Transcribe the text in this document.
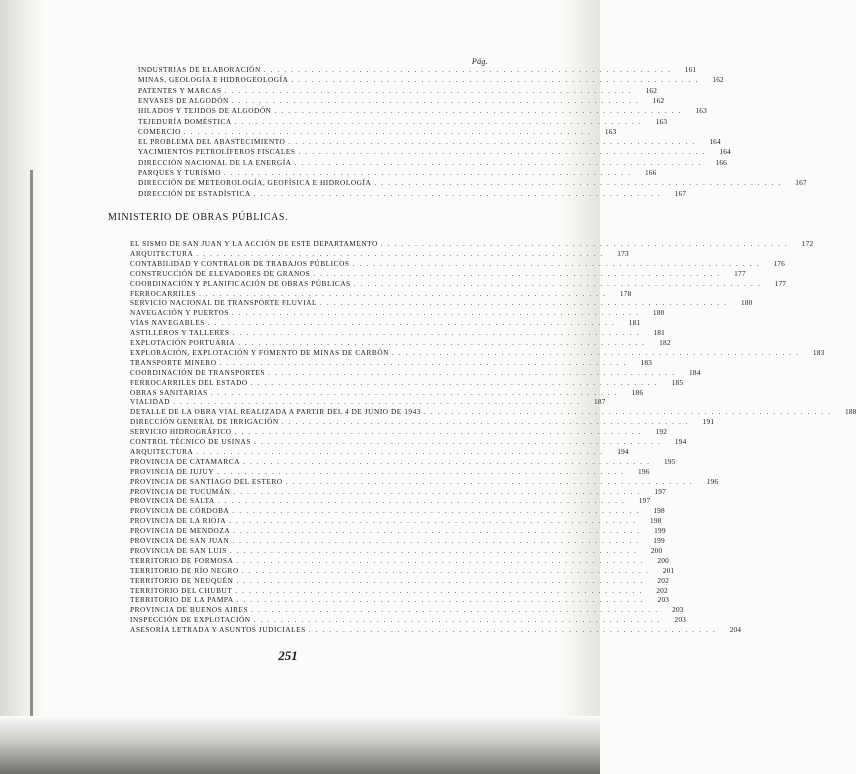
Pág.
INDUSTRIAS DE ELABORACIÓN . . . . . . . . . . . . . . . . . . . . . . . . . . . . . . . . . . . . . . . . . . . . . . . . . . . . . . . . . . . .	161
MINAS, GEOLOGÍA E HIDROGEOLOGÍA . . . . . . . . . . . . . . . . . . . . . . . . . . . . . . . . . . . . . . . . . . . . . . . . . . . . . . . . . . . .	162
PATENTES Y MARCAS . . . . . . . . . . . . . . . . . . . . . . . . . . . . . . . . . . . . . . . . . . . . . . . . . . . . . . . . . . . .	162
ENVASES DE ALGODÓN . . . . . . . . . . . . . . . . . . . . . . . . . . . . . . . . . . . . . . . . . . . . . . . . . . . . . . . . . . . .	162
HILADOS Y TEJIDOS DE ALGODÓN . . . . . . . . . . . . . . . . . . . . . . . . . . . . . . . . . . . . . . . . . . . . . . . . . . . . . . . . . . . .	163
TEJEDURÍA DOMÉSTICA . . . . . . . . . . . . . . . . . . . . . . . . . . . . . . . . . . . . . . . . . . . . . . . . . . . . . . . . . . . .	163
COMERCIO . . . . . . . . . . . . . . . . . . . . . . . . . . . . . . . . . . . . . . . . . . . . . . . . . . . . . . . . . . . .	163
EL PROBLEMA DEL ABASTECIMIENTO . . . . . . . . . . . . . . . . . . . . . . . . . . . . . . . . . . . . . . . . . . . . . . . . . . . . . . . . . . . .	164
YACIMIENTOS PETROLÍFEROS FISCALES . . . . . . . . . . . . . . . . . . . . . . . . . . . . . . . . . . . . . . . . . . . . . . . . . . . . . . . . . . . .	164
DIRECCIÓN NACIONAL DE LA ENERGÍA . . . . . . . . . . . . . . . . . . . . . . . . . . . . . . . . . . . . . . . . . . . . . . . . . . . . . . . . . . . .	166
PARQUES Y TURISMO . . . . . . . . . . . . . . . . . . . . . . . . . . . . . . . . . . . . . . . . . . . . . . . . . . . . . . . . . . . .	166
DIRECCIÓN DE METEOROLOGÍA, GEOFÍSICA E HIDROLOGÍA . . . . . . . . . . . . . . . . . . . . . . . . . . . . . . . . . . . . . . . . . . . . . . . . . . . . . . . . . . . .	167
DIRECCIÓN DE ESTADÍSTICA . . . . . . . . . . . . . . . . . . . . . . . . . . . . . . . . . . . . . . . . . . . . . . . . . . . . . . . . . . . .	167
MINISTERIO DE OBRAS PÚBLICAS.
EL SISMO DE SAN JUAN Y LA ACCIÓN DE ESTE DEPARTAMENTO . . . . . . . . . . . . . . . . . . . . . . . . . . . . . . . . . . . . . . . . . . . . . . . . . . . . . . . . . . . .	172
ARQUITECTURA . . . . . . . . . . . . . . . . . . . . . . . . . . . . . . . . . . . . . . . . . . . . . . . . . . . . . . . . . . . .	173
CONTABILIDAD Y CONTRALOR DE TRABAJOS PÚBLICOS . . . . . . . . . . . . . . . . . . . . . . . . . . . . . . . . . . . . . . . . . . . . . . . . . . . . . . . . . . . .	176
CONSTRUCCIÓN DE ELEVADORES DE GRANOS . . . . . . . . . . . . . . . . . . . . . . . . . . . . . . . . . . . . . . . . . . . . . . . . . . . . . . . . . . . .	177
COORDINACIÓN Y PLANIFICACIÓN DE OBRAS PÚBLICAS . . . . . . . . . . . . . . . . . . . . . . . . . . . . . . . . . . . . . . . . . . . . . . . . . . . . . . . . . . . .	177
FERROCARRILES . . . . . . . . . . . . . . . . . . . . . . . . . . . . . . . . . . . . . . . . . . . . . . . . . . . . . . . . . . . .	178
SERVICIO NACIONAL DE TRANSPORTE FLUVIAL . . . . . . . . . . . . . . . . . . . . . . . . . . . . . . . . . . . . . . . . . . . . . . . . . . . . . . . . . . . .	180
NAVEGACIÓN Y PUERTOS . . . . . . . . . . . . . . . . . . . . . . . . . . . . . . . . . . . . . . . . . . . . . . . . . . . . . . . . . . . .	180
VÍAS NAVEGABLES . . . . . . . . . . . . . . . . . . . . . . . . . . . . . . . . . . . . . . . . . . . . . . . . . . . . . . . . . . . .	181
ASTILLEROS Y TALLERES . . . . . . . . . . . . . . . . . . . . . . . . . . . . . . . . . . . . . . . . . . . . . . . . . . . . . . . . . . . .	181
EXPLOTACIÓN PORTUARIA . . . . . . . . . . . . . . . . . . . . . . . . . . . . . . . . . . . . . . . . . . . . . . . . . . . . . . . . . . . .	182
EXPLORACIÓN, EXPLOTACIÓN Y FOMENTO DE MINAS DE CARBÓN . . . . . . . . . . . . . . . . . . . . . . . . . . . . . . . . . . . . . . . . . . . . . . . . . . . . . . . . . . . .	183
TRANSPORTE MINERO . . . . . . . . . . . . . . . . . . . . . . . . . . . . . . . . . . . . . . . . . . . . . . . . . . . . . . . . . . . .	183
COORDINACIÓN DE TRANSPORTES . . . . . . . . . . . . . . . . . . . . . . . . . . . . . . . . . . . . . . . . . . . . . . . . . . . . . . . . . . . .	184
FERROCARRILES DEL ESTADO . . . . . . . . . . . . . . . . . . . . . . . . . . . . . . . . . . . . . . . . . . . . . . . . . . . . . . . . . . . .	185
OBRAS SANITARIAS . . . . . . . . . . . . . . . . . . . . . . . . . . . . . . . . . . . . . . . . . . . . . . . . . . . . . . . . . . . .	186
VIALIDAD . . . . . . . . . . . . . . . . . . . . . . . . . . . . . . . . . . . . . . . . . . . . . . . . . . . . . . . . . . . .	187
DETALLE DE LA OBRA VIAL REALIZADA A PARTIR DEL 4 DE JUNIO DE 1943 . . . . . . . . . . . . . . . . . . . . . . . . . . . . . . . . . . . . . . . . . . . . . . . . . . . . . . . . . . . .	188
DIRECCIÓN GENERAL DE IRRIGACIÓN . . . . . . . . . . . . . . . . . . . . . . . . . . . . . . . . . . . . . . . . . . . . . . . . . . . . . . . . . . . .	191
SERVICIO HIDROGRÁFICO . . . . . . . . . . . . . . . . . . . . . . . . . . . . . . . . . . . . . . . . . . . . . . . . . . . . . . . . . . . .	192
CONTROL TÉCNICO DE USINAS . . . . . . . . . . . . . . . . . . . . . . . . . . . . . . . . . . . . . . . . . . . . . . . . . . . . . . . . . . . .	194
ARQUITECTURA . . . . . . . . . . . . . . . . . . . . . . . . . . . . . . . . . . . . . . . . . . . . . . . . . . . . . . . . . . . .	194
PROVINCIA DE CATAMARCA . . . . . . . . . . . . . . . . . . . . . . . . . . . . . . . . . . . . . . . . . . . . . . . . . . . . . . . . . . . .	195
PROVINCIA DE JUJUY . . . . . . . . . . . . . . . . . . . . . . . . . . . . . . . . . . . . . . . . . . . . . . . . . . . . . . . . . . . .	196
PROVINCIA DE SANTIAGO DEL ESTERO . . . . . . . . . . . . . . . . . . . . . . . . . . . . . . . . . . . . . . . . . . . . . . . . . . . . . . . . . . . .	196
PROVINCIA DE TUCUMÁN . . . . . . . . . . . . . . . . . . . . . . . . . . . . . . . . . . . . . . . . . . . . . . . . . . . . . . . . . . . .	197
PROVINCIA DE SALTA . . . . . . . . . . . . . . . . . . . . . . . . . . . . . . . . . . . . . . . . . . . . . . . . . . . . . . . . . . . .	197
PROVINCIA DE CÓRDOBA . . . . . . . . . . . . . . . . . . . . . . . . . . . . . . . . . . . . . . . . . . . . . . . . . . . . . . . . . . . .	198
PROVINCIA DE LA RIOJA . . . . . . . . . . . . . . . . . . . . . . . . . . . . . . . . . . . . . . . . . . . . . . . . . . . . . . . . . . . .	198
PROVINCIA DE MENDOZA . . . . . . . . . . . . . . . . . . . . . . . . . . . . . . . . . . . . . . . . . . . . . . . . . . . . . . . . . . . .	199
PROVINCIA DE SAN JUAN . . . . . . . . . . . . . . . . . . . . . . . . . . . . . . . . . . . . . . . . . . . . . . . . . . . . . . . . . . . .	199
PROVINCIA DE SAN LUIS . . . . . . . . . . . . . . . . . . . . . . . . . . . . . . . . . . . . . . . . . . . . . . . . . . . . . . . . . . . .	200
TERRITORIO DE FORMOSA . . . . . . . . . . . . . . . . . . . . . . . . . . . . . . . . . . . . . . . . . . . . . . . . . . . . . . . . . . . .	200
TERRITORIO DE RÍO NEGRO . . . . . . . . . . . . . . . . . . . . . . . . . . . . . . . . . . . . . . . . . . . . . . . . . . . . . . . . . . . .	201
TERRITORIO DE NEUQUÉN . . . . . . . . . . . . . . . . . . . . . . . . . . . . . . . . . . . . . . . . . . . . . . . . . . . . . . . . . . . .	202
TERRITORIO DEL CHUBUT . . . . . . . . . . . . . . . . . . . . . . . . . . . . . . . . . . . . . . . . . . . . . . . . . . . . . . . . . . . .	202
TERRITORIO DE LA PAMPA . . . . . . . . . . . . . . . . . . . . . . . . . . . . . . . . . . . . . . . . . . . . . . . . . . . . . . . . . . . .	203
PROVINCIA DE BUENOS AIRES . . . . . . . . . . . . . . . . . . . . . . . . . . . . . . . . . . . . . . . . . . . . . . . . . . . . . . . . . . . .	203
INSPECCIÓN DE EXPLOTACIÓN . . . . . . . . . . . . . . . . . . . . . . . . . . . . . . . . . . . . . . . . . . . . . . . . . . . . . . . . . . . .	203
ASESORÍA LETRADA Y ASUNTOS JUDICIALES . . . . . . . . . . . . . . . . . . . . . . . . . . . . . . . . . . . . . . . . . . . . . . . . . . . . . . . . . . . .	204
251
